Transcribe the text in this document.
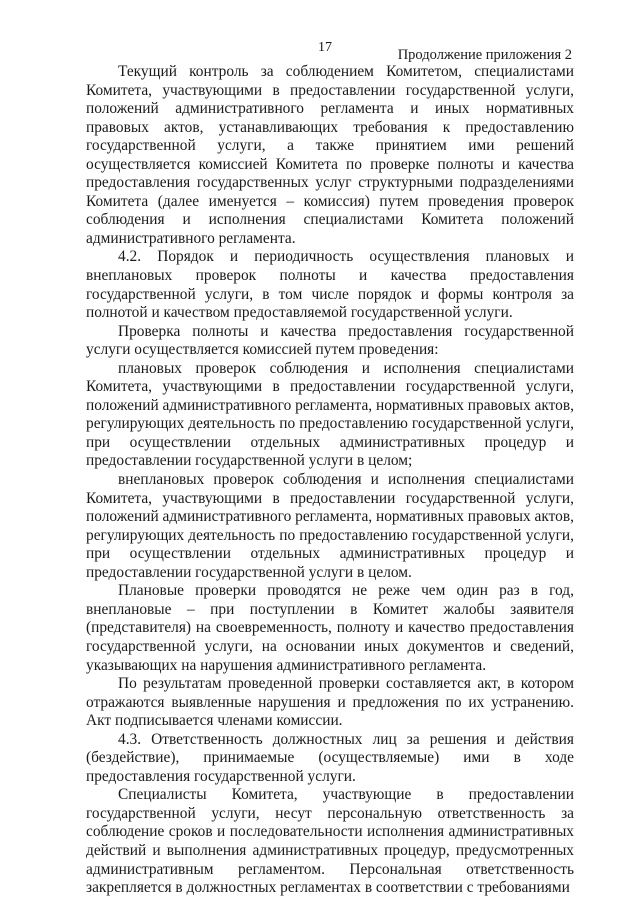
17	Продолжение приложения 2

Текущий контроль за соблюдением Комитетом, специалистами Комитета, участвующими в предоставлении государственной услуги, положений административного регламента и иных нормативных правовых актов, устанавливающих требования к предоставлению государственной услуги, а также принятием ими решений осуществляется комиссией Комитета по проверке полноты и качества предоставления государственных услуг структурными подразделениями Комитета (далее именуется – комиссия) путем проведения проверок соблюдения и исполнения специалистами Комитета положений административного регламента.

4.2. Порядок и периодичность осуществления плановых и внеплановых проверок полноты и качества предоставления государственной услуги, в том числе порядок и формы контроля за полнотой и качеством предоставляемой государственной услуги.

Проверка полноты и качества предоставления государственной услуги осуществляется комиссией путем проведения:

плановых проверок соблюдения и исполнения специалистами Комитета, участвующими в предоставлении государственной услуги, положений административного регламента, нормативных правовых актов, регулирующих деятельность по предоставлению государственной услуги, при осуществлении отдельных административных процедур и предоставлении государственной услуги в целом;

внеплановых проверок соблюдения и исполнения специалистами Комитета, участвующими в предоставлении государственной услуги, положений административного регламента, нормативных правовых актов, регулирующих деятельность по предоставлению государственной услуги, при осуществлении отдельных административных процедур и предоставлении государственной услуги в целом.

Плановые проверки проводятся не реже чем один раз в год, внеплановые – при поступлении в Комитет жалобы заявителя (представителя) на своевременность, полноту и качество предоставления государственной услуги, на основании иных документов и сведений, указывающих на нарушения административного регламента.

По результатам проведенной проверки составляется акт, в котором отражаются выявленные нарушения и предложения по их устранению. Акт подписывается членами комиссии.

4.3. Ответственность должностных лиц за решения и действия (бездействие), принимаемые (осуществляемые) ими в ходе предоставления государственной услуги.

Специалисты Комитета, участвующие в предоставлении государственной услуги, несут персональную ответственность за соблюдение сроков и последовательности исполнения административных действий и выполнения административных процедур, предусмотренных административным регламентом. Персональная ответственность закрепляется в должностных регламентах в соответствии с требованиями
